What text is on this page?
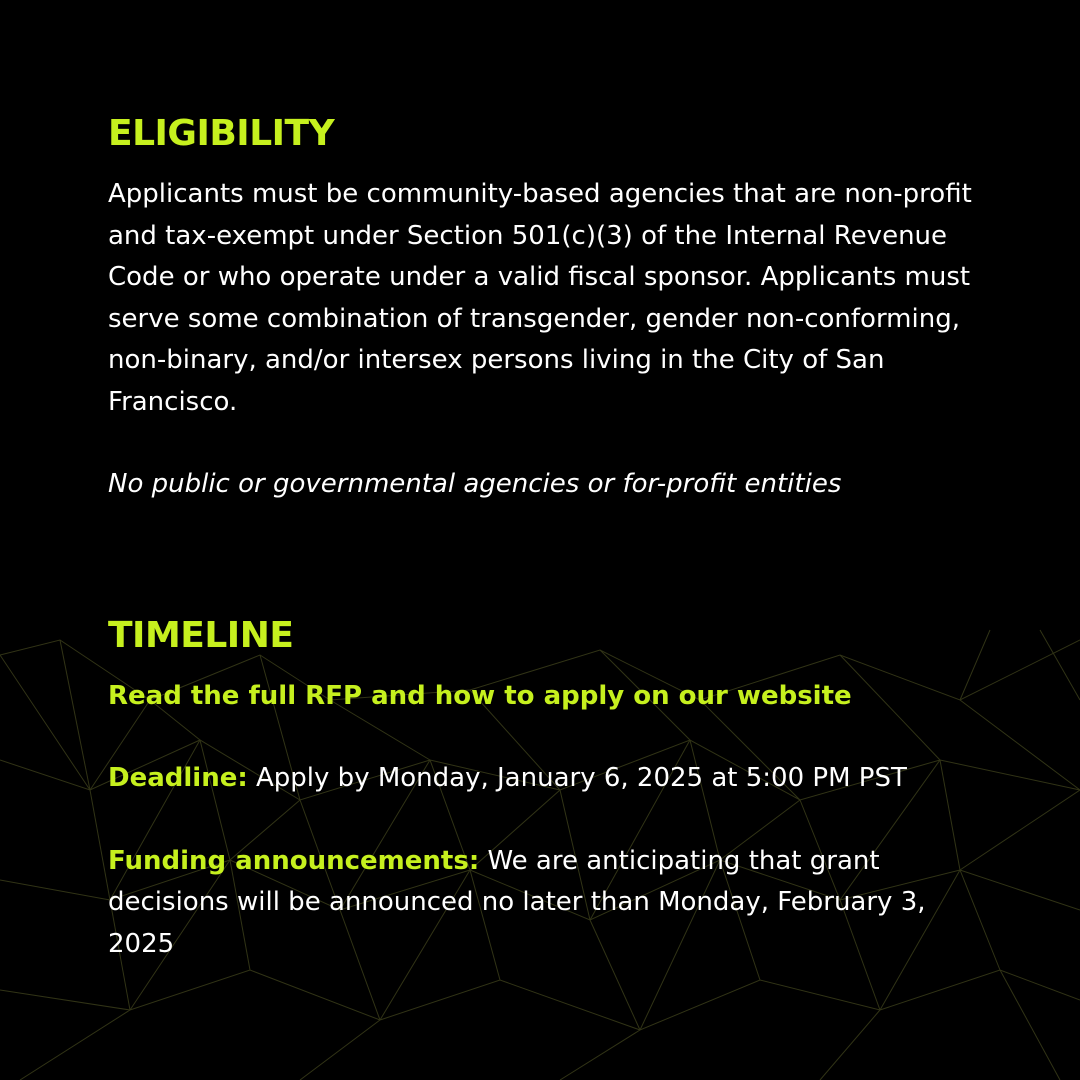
ELIGIBILITY

Applicants must be community-based agencies that are non-profit and tax-exempt under Section 501(c)(3) of the Internal Revenue Code or who operate under a valid fiscal sponsor. Applicants must serve some combination of transgender, gender non-conforming, non-binary, and/or intersex persons living in the City of San Francisco.

No public or governmental agencies or for-profit entities

TIMELINE

Read the full RFP and how to apply on our website

Deadline: Apply by Monday, January 6, 2025 at 5:00 PM PST

Funding announcements: We are anticipating that grant decisions will be announced no later than Monday, February 3, 2025
